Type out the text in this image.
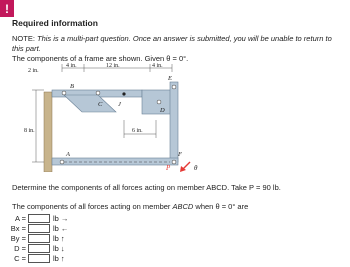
!
Required information
NOTE: This is a multi-part question. Once an answer is submitted, you will be unable to return to this part.
The components of a frame are shown. Given θ = 0°.
4 in.	12 in.	4 in.
2 in.
8 in.	6 in.
B
C J
D
E
A	F
P	θ
Determine the components of all forces acting on member ABCD. Take P = 90 lb.
The components of all forces acting on member ABCD when θ = 0° are
A =	lb →
Bx =	lb ←
By =	lb ↑
D =	lb ↓
C =	lb ↑
